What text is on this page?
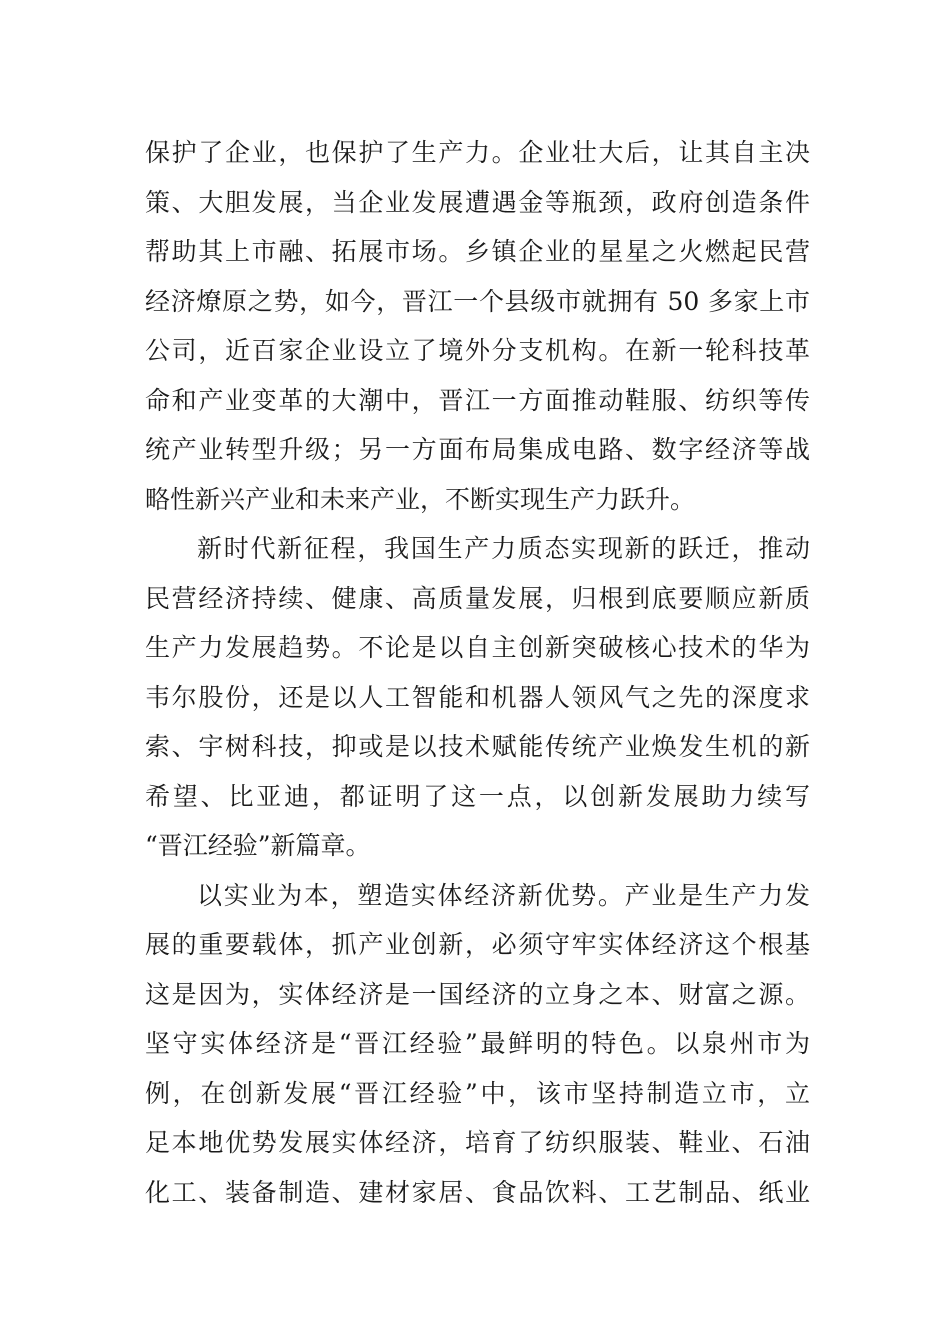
保护了企业，也保护了生产力。企业壮大后，让其自主决
策、大胆发展，当企业发展遭遇金等瓶颈，政府创造条件
帮助其上市融、拓展市场。乡镇企业的星星之火燃起民营
经济燎原之势，如今，晋江一个县级市就拥有 50 多家上市
公司，近百家企业设立了境外分支机构。在新一轮科技革
命和产业变革的大潮中，晋江一方面推动鞋服、纺织等传
统产业转型升级；另一方面布局集成电路、数字经济等战
略性新兴产业和未来产业，不断实现生产力跃升。
新时代新征程，我国生产力质态实现新的跃迁，推动
民营经济持续、健康、高质量发展，归根到底要顺应新质
生产力发展趋势。不论是以自主创新突破核心技术的华为
韦尔股份，还是以人工智能和机器人领风气之先的深度求
索、宇树科技，抑或是以技术赋能传统产业焕发生机的新
希望、比亚迪，都证明了这一点，以创新发展助力续写
“晋江经验”新篇章。
以实业为本，塑造实体经济新优势。产业是生产力发
展的重要载体，抓产业创新，必须守牢实体经济这个根基
这是因为，实体经济是一国经济的立身之本、财富之源。
坚守实体经济是“晋江经验”最鲜明的特色。以泉州市为
例，在创新发展“晋江经验”中，该市坚持制造立市，立
足本地优势发展实体经济，培育了纺织服装、鞋业、石油
化工、装备制造、建材家居、食品饮料、工艺制品、纸业
